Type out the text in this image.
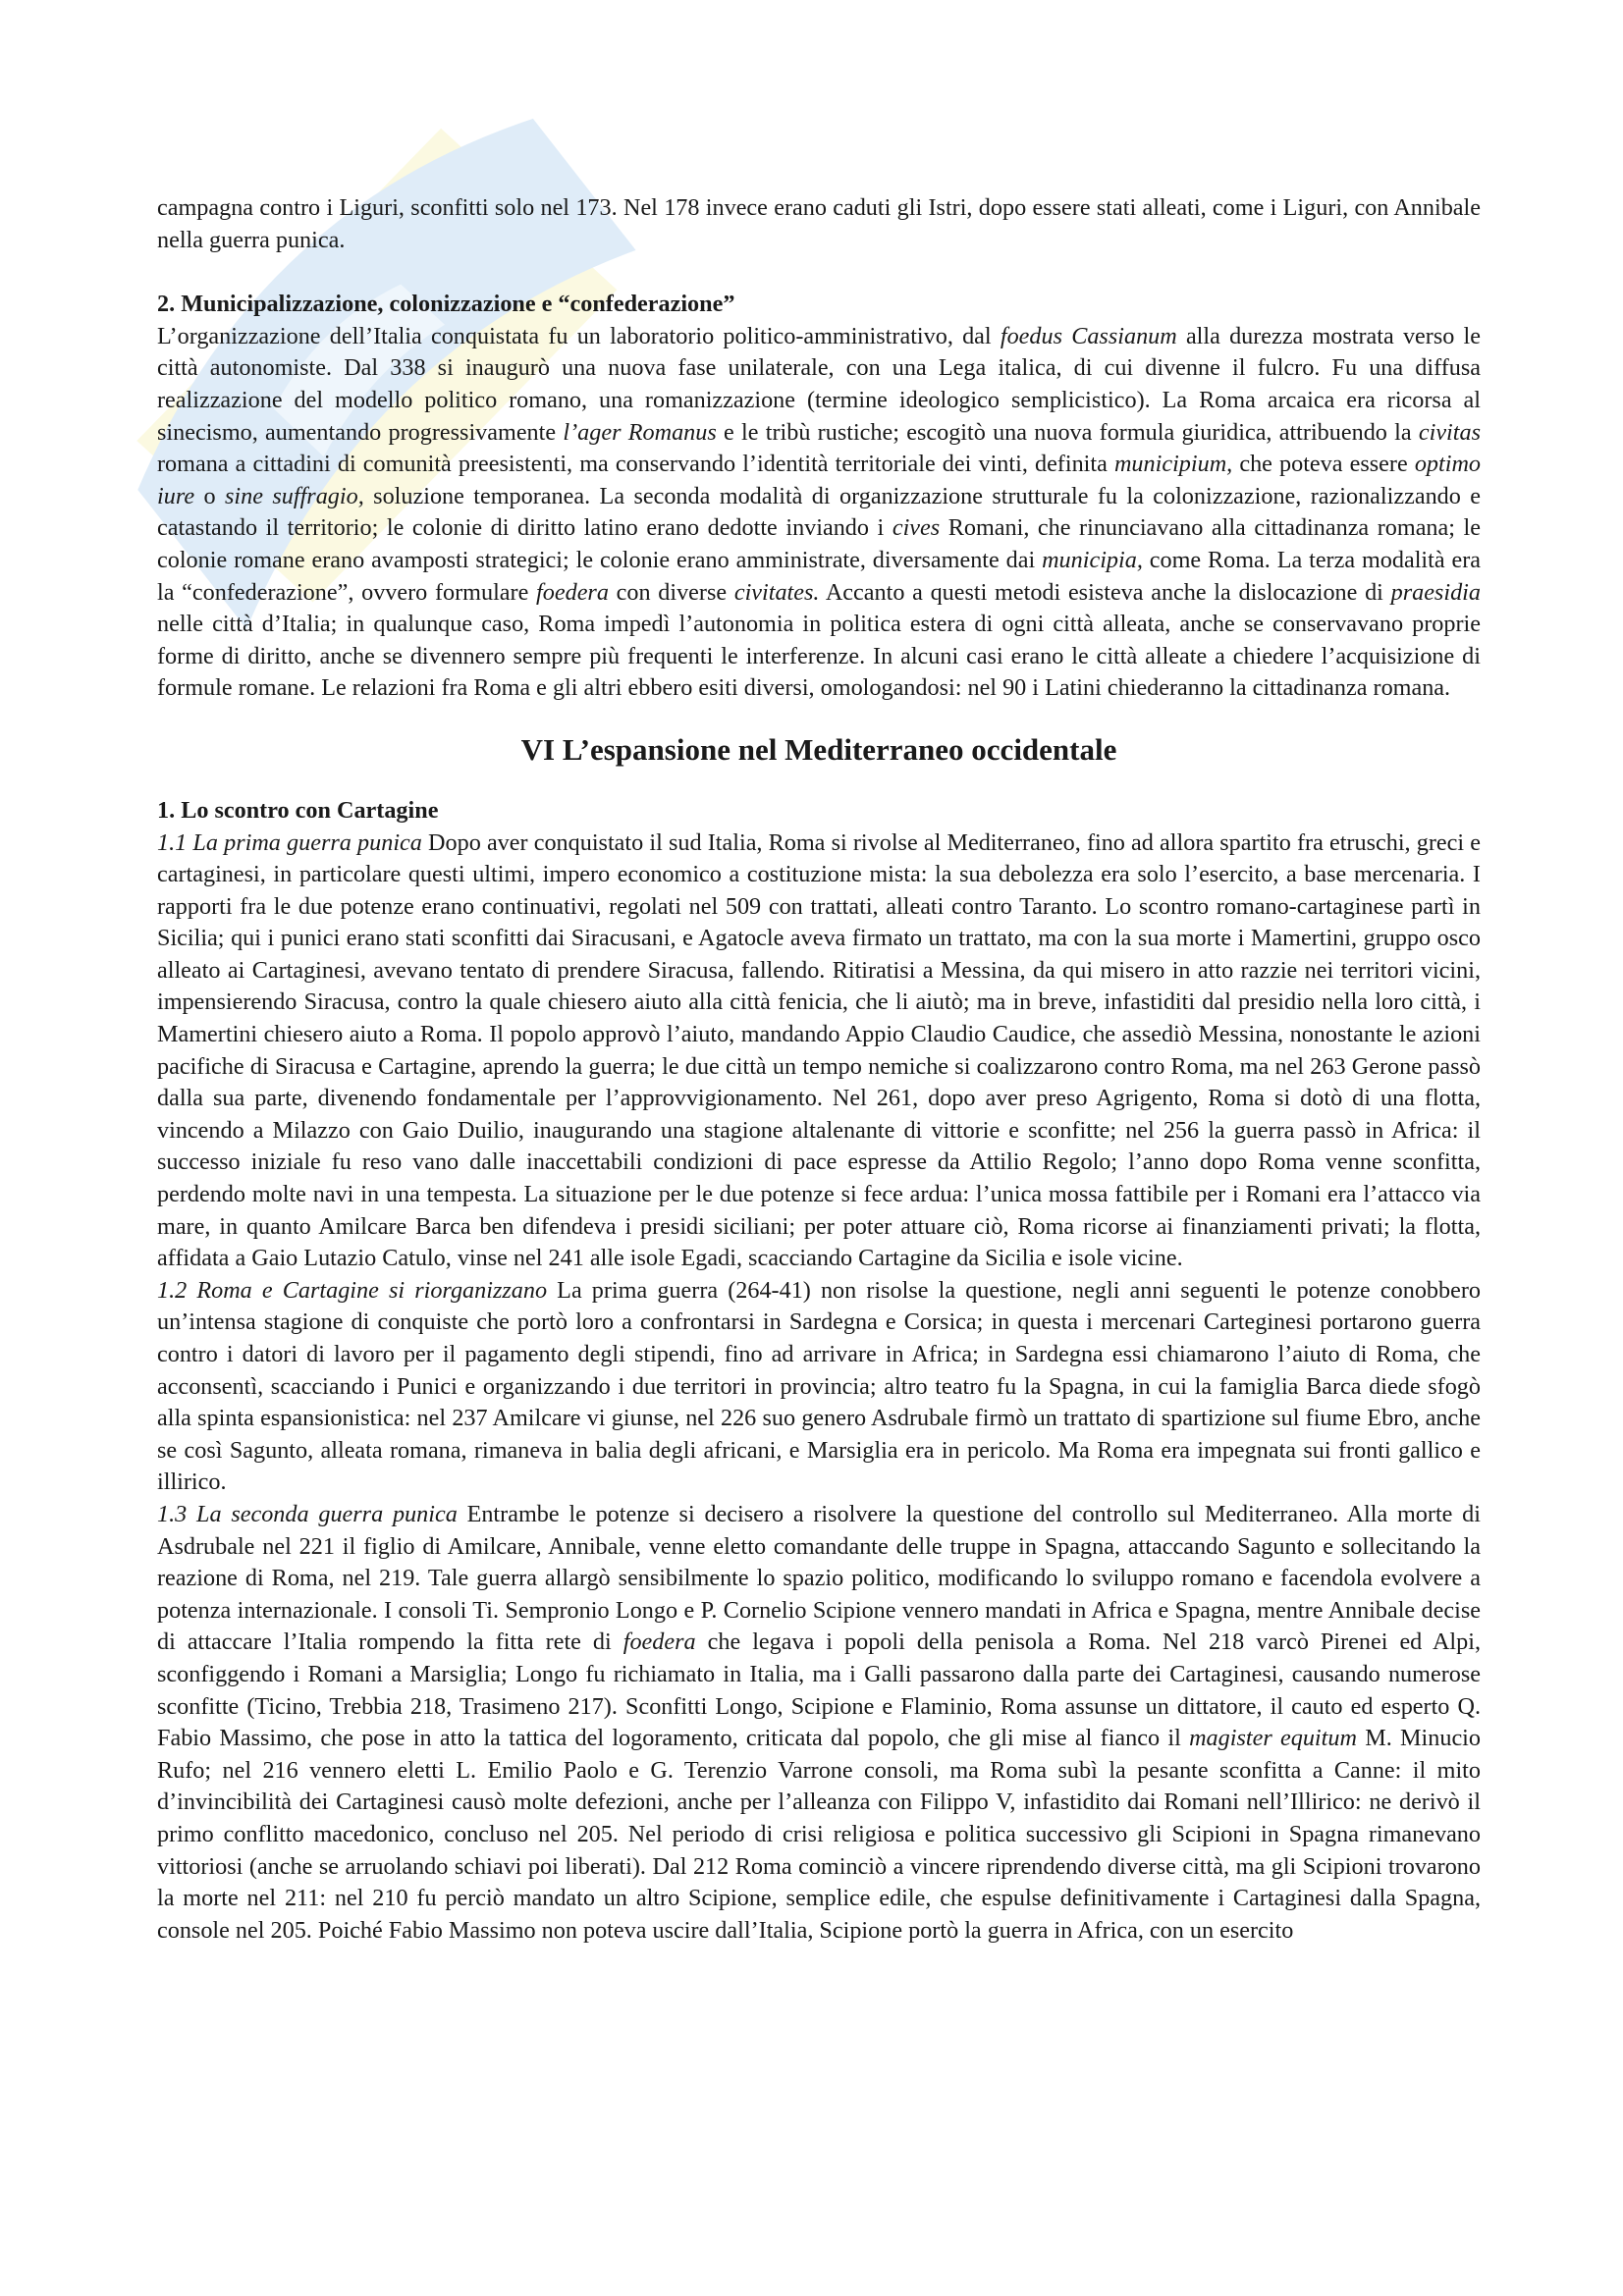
campagna contro i Liguri, sconfitti solo nel 173. Nel 178 invece erano caduti gli Istri, dopo essere stati alleati, come i Liguri, con Annibale nella guerra punica.

2. Municipalizzazione, colonizzazione e “confederazione”

L’organizzazione dell’Italia conquistata fu un laboratorio politico-amministrativo, dal foedus Cassianum alla durezza mostrata verso le città autonomiste. Dal 338 si inaugurò una nuova fase unilaterale, con una Lega italica, di cui divenne il fulcro. Fu una diffusa realizzazione del modello politico romano, una romanizzazione (termine ideologico semplicistico). La Roma arcaica era ricorsa al sinecismo, aumentando progressivamente l’ager Romanus e le tribù rustiche; escogitò una nuova formula giuridica, attribuendo la civitas romana a cittadini di comunità preesistenti, ma conservando l’identità territoriale dei vinti, definita municipium, che poteva essere optimo iure o sine suffragio, soluzione temporanea. La seconda modalità di organizzazione strutturale fu la colonizzazione, razionalizzando e catastando il territorio; le colonie di diritto latino erano dedotte inviando i cives Romani, che rinunciavano alla cittadinanza romana; le colonie romane erano avamposti strategici; le colonie erano amministrate, diversamente dai municipia, come Roma. La terza modalità era la “confederazione”, ovvero formulare foedera con diverse civitates. Accanto a questi metodi esisteva anche la dislocazione di praesidia nelle città d’Italia; in qualunque caso, Roma impedì l’autonomia in politica estera di ogni città alleata, anche se conservavano proprie forme di diritto, anche se divennero sempre più frequenti le interferenze. In alcuni casi erano le città alleate a chiedere l’acquisizione di formule romane. Le relazioni fra Roma e gli altri ebbero esiti diversi, omologandosi: nel 90 i Latini chiederanno la cittadinanza romana.

VI L’espansione nel Mediterraneo occidentale

1. Lo scontro con Cartagine

1.1 La prima guerra punica Dopo aver conquistato il sud Italia, Roma si rivolse al Mediterraneo, fino ad allora spartito fra etruschi, greci e cartaginesi, in particolare questi ultimi, impero economico a costituzione mista: la sua debolezza era solo l’esercito, a base mercenaria. I rapporti fra le due potenze erano continuativi, regolati nel 509 con trattati, alleati contro Taranto. Lo scontro romano-cartaginese partì in Sicilia; qui i punici erano stati sconfitti dai Siracusani, e Agatocle aveva firmato un trattato, ma con la sua morte i Mamertini, gruppo osco alleato ai Cartaginesi, avevano tentato di prendere Siracusa, fallendo. Ritiratisi a Messina, da qui misero in atto razzie nei territori vicini, impensierendo Siracusa, contro la quale chiesero aiuto alla città fenicia, che li aiutò; ma in breve, infastiditi dal presidio nella loro città, i Mamertini chiesero aiuto a Roma. Il popolo approvò l’aiuto, mandando Appio Claudio Caudice, che assediò Messina, nonostante le azioni pacifiche di Siracusa e Cartagine, aprendo la guerra; le due città un tempo nemiche si coalizzarono contro Roma, ma nel 263 Gerone passò dalla sua parte, divenendo fondamentale per l’approvvigionamento. Nel 261, dopo aver preso Agrigento, Roma si dotò di una flotta, vincendo a Milazzo con Gaio Duilio, inaugurando una stagione altalenante di vittorie e sconfitte; nel 256 la guerra passò in Africa: il successo iniziale fu reso vano dalle inaccettabili condizioni di pace espresse da Attilio Regolo; l’anno dopo Roma venne sconfitta, perdendo molte navi in una tempesta. La situazione per le due potenze si fece ardua: l’unica mossa fattibile per i Romani era l’attacco via mare, in quanto Amilcare Barca ben difendeva i presidi siciliani; per poter attuare ciò, Roma ricorse ai finanziamenti privati; la flotta, affidata a Gaio Lutazio Catulo, vinse nel 241 alle isole Egadi, scacciando Cartagine da Sicilia e isole vicine.

1.2 Roma e Cartagine si riorganizzano La prima guerra (264-41) non risolse la questione, negli anni seguenti le potenze conobbero un’intensa stagione di conquiste che portò loro a confrontarsi in Sardegna e Corsica; in questa i mercenari Carteginesi portarono guerra contro i datori di lavoro per il pagamento degli stipendi, fino ad arrivare in Africa; in Sardegna essi chiamarono l’aiuto di Roma, che acconsentì, scacciando i Punici e organizzando i due territori in provincia; altro teatro fu la Spagna, in cui la famiglia Barca diede sfogò alla spinta espansionistica: nel 237 Amilcare vi giunse, nel 226 suo genero Asdrubale firmò un trattato di spartizione sul fiume Ebro, anche se così Sagunto, alleata romana, rimaneva in balia degli africani, e Marsiglia era in pericolo. Ma Roma era impegnata sui fronti gallico e illirico.

1.3 La seconda guerra punica Entrambe le potenze si decisero a risolvere la questione del controllo sul Mediterraneo. Alla morte di Asdrubale nel 221 il figlio di Amilcare, Annibale, venne eletto comandante delle truppe in Spagna, attaccando Sagunto e sollecitando la reazione di Roma, nel 219. Tale guerra allargò sensibilmente lo spazio politico, modificando lo sviluppo romano e facendola evolvere a potenza internazionale. I consoli Ti. Sempronio Longo e P. Cornelio Scipione vennero mandati in Africa e Spagna, mentre Annibale decise di attaccare l’Italia rompendo la fitta rete di foedera che legava i popoli della penisola a Roma. Nel 218 varcò Pirenei ed Alpi, sconfiggendo i Romani a Marsiglia; Longo fu richiamato in Italia, ma i Galli passarono dalla parte dei Cartaginesi, causando numerose sconfitte (Ticino, Trebbia 218, Trasimeno 217). Sconfitti Longo, Scipione e Flaminio, Roma assunse un dittatore, il cauto ed esperto Q. Fabio Massimo, che pose in atto la tattica del logoramento, criticata dal popolo, che gli mise al fianco il magister equitum M. Minucio Rufo; nel 216 vennero eletti L. Emilio Paolo e G. Terenzio Varrone consoli, ma Roma subì la pesante sconfitta a Canne: il mito d’invincibilità dei Cartaginesi causò molte defezioni, anche per l’alleanza con Filippo V, infastidito dai Romani nell’Illirico: ne derivò il primo conflitto macedonico, concluso nel 205. Nel periodo di crisi religiosa e politica successivo gli Scipioni in Spagna rimanevano vittoriosi (anche se arruolando schiavi poi liberati). Dal 212 Roma cominciò a vincere riprendendo diverse città, ma gli Scipioni trovarono la morte nel 211: nel 210 fu perciò mandato un altro Scipione, semplice edile, che espulse definitivamente i Cartaginesi dalla Spagna, console nel 205. Poiché Fabio Massimo non poteva uscire dall’Italia, Scipione portò la guerra in Africa, con un esercito
